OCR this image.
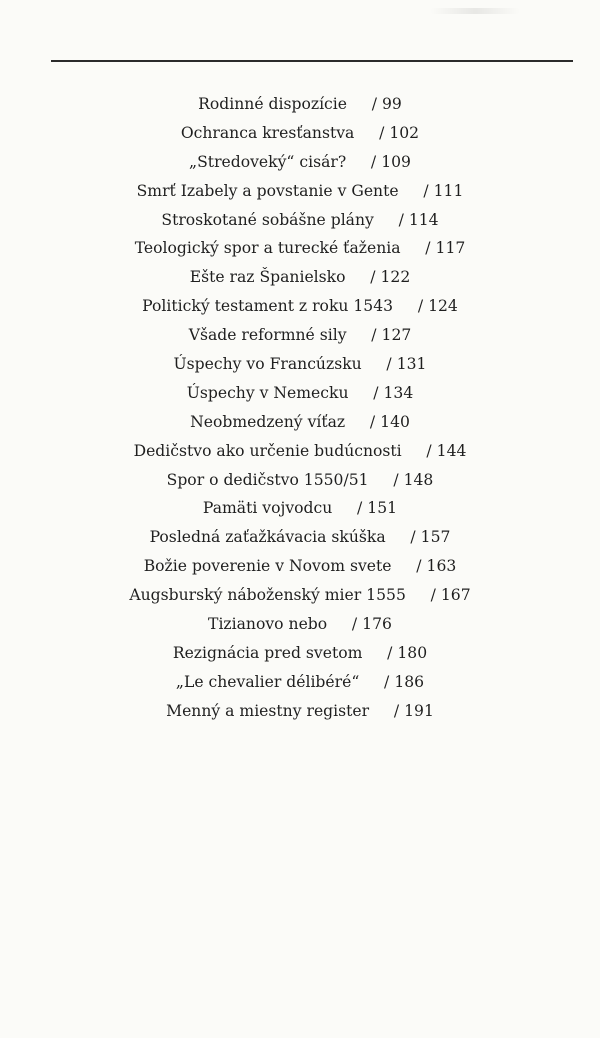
Rodinné dispozície / 99
Ochranca kresťanstva / 102
„Stredoveký“ cisár? / 109
Smrť Izabely a povstanie v Gente / 111
Stroskotané sobášne plány / 114
Teologický spor a turecké ťaženia / 117
Ešte raz Španielsko / 122
Politický testament z roku 1543 / 124
Všade reformné sily / 127
Úspechy vo Francúzsku / 131
Úspechy v Nemecku / 134
Neobmedzený víťaz / 140
Dedičstvo ako určenie budúcnosti / 144
Spor o dedičstvo 1550/51 / 148
Pamäti vojvodcu / 151
Posledná zaťažkávacia skúška / 157
Božie poverenie v Novom svete / 163
Augsburský náboženský mier 1555 / 167
Tizianovo nebo / 176
Rezignácia pred svetom / 180
„Le chevalier délibéré“ / 186
Menný a miestny register / 191
